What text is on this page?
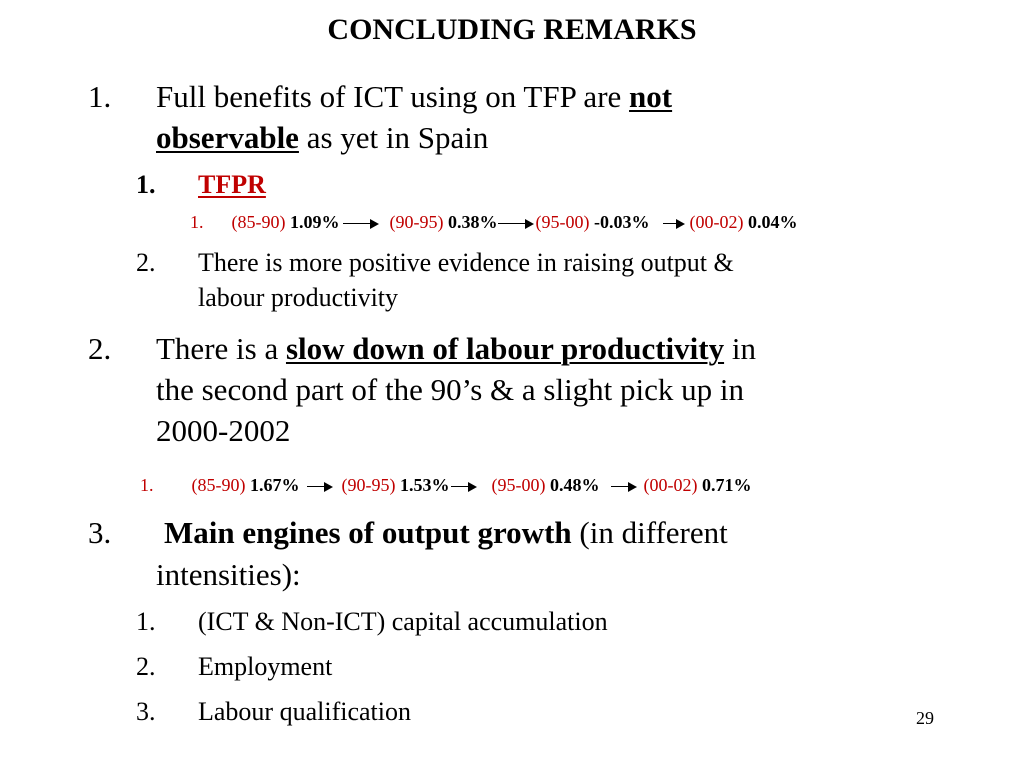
CONCLUDING REMARKS
1. Full benefits of ICT using on TFP are not
observable as yet in Spain
1. TFPR
1. (85-90) 1.09%	(90-95) 0.38% (95-00) -0.03% (00-02) 0.04%
2. There is more positive evidence in raising output &
labour productivity
2. There is a slow down of labour productivity in
the second part of the 90’s & a slight pick up in
2000-2002
1. (85-90) 1.67% (90-95) 1.53% (95-00) 0.48% (00-02) 0.71%
3. Main engines of output growth (in different
intensities):
1. (ICT & Non-ICT) capital accumulation
2. Employment
3. Labour qualification	29
